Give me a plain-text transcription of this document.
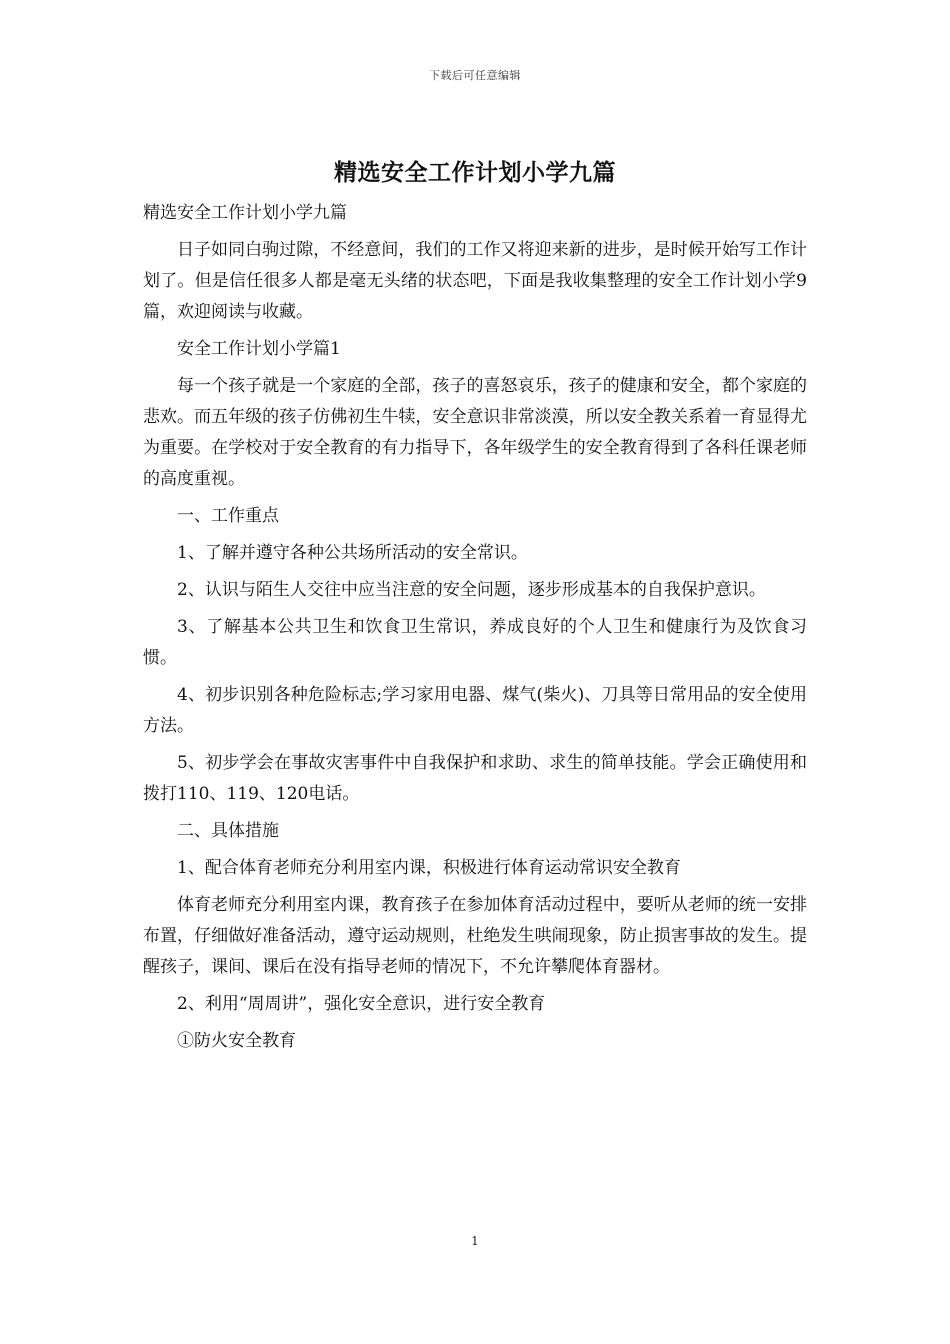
下载后可任意编辑
精选安全工作计划小学九篇

精选安全工作计划小学九篇

日子如同白驹过隙，不经意间，我们的工作又将迎来新的进步，是时候开始写工作计划了。但是信任很多人都是毫无头绪的状态吧，下面是我收集整理的安全工作计划小学9篇，欢迎阅读与收藏。

安全工作计划小学篇1

每一个孩子就是一个家庭的全部，孩子的喜怒哀乐，孩子的健康和安全，都个家庭的悲欢。而五年级的孩子仿佛初生牛犊，安全意识非常淡漠，所以安全教关系着一育显得尤为重要。在学校对于安全教育的有力指导下，各年级学生的安全教育得到了各科任课老师的高度重视。

一、工作重点

1、了解并遵守各种公共场所活动的安全常识。

2、认识与陌生人交往中应当注意的安全问题，逐步形成基本的自我保护意识。

3、了解基本公共卫生和饮食卫生常识，养成良好的个人卫生和健康行为及饮食习惯。

4、初步识别各种危险标志;学习家用电器、煤气(柴火)、刀具等日常用品的安全使用方法。

5、初步学会在事故灾害事件中自我保护和求助、求生的简单技能。学会正确使用和拨打110、119、120电话。

二、具体措施

1、配合体育老师充分利用室内课，积极进行体育运动常识安全教育

体育老师充分利用室内课，教育孩子在参加体育活动过程中，要听从老师的统一安排布置，仔细做好准备活动，遵守运动规则，杜绝发生哄闹现象，防止损害事故的发生。提醒孩子，课间、课后在没有指导老师的情况下，不允许攀爬体育器材。

2、利用“周周讲”，强化安全意识，进行安全教育

①防火安全教育

1
